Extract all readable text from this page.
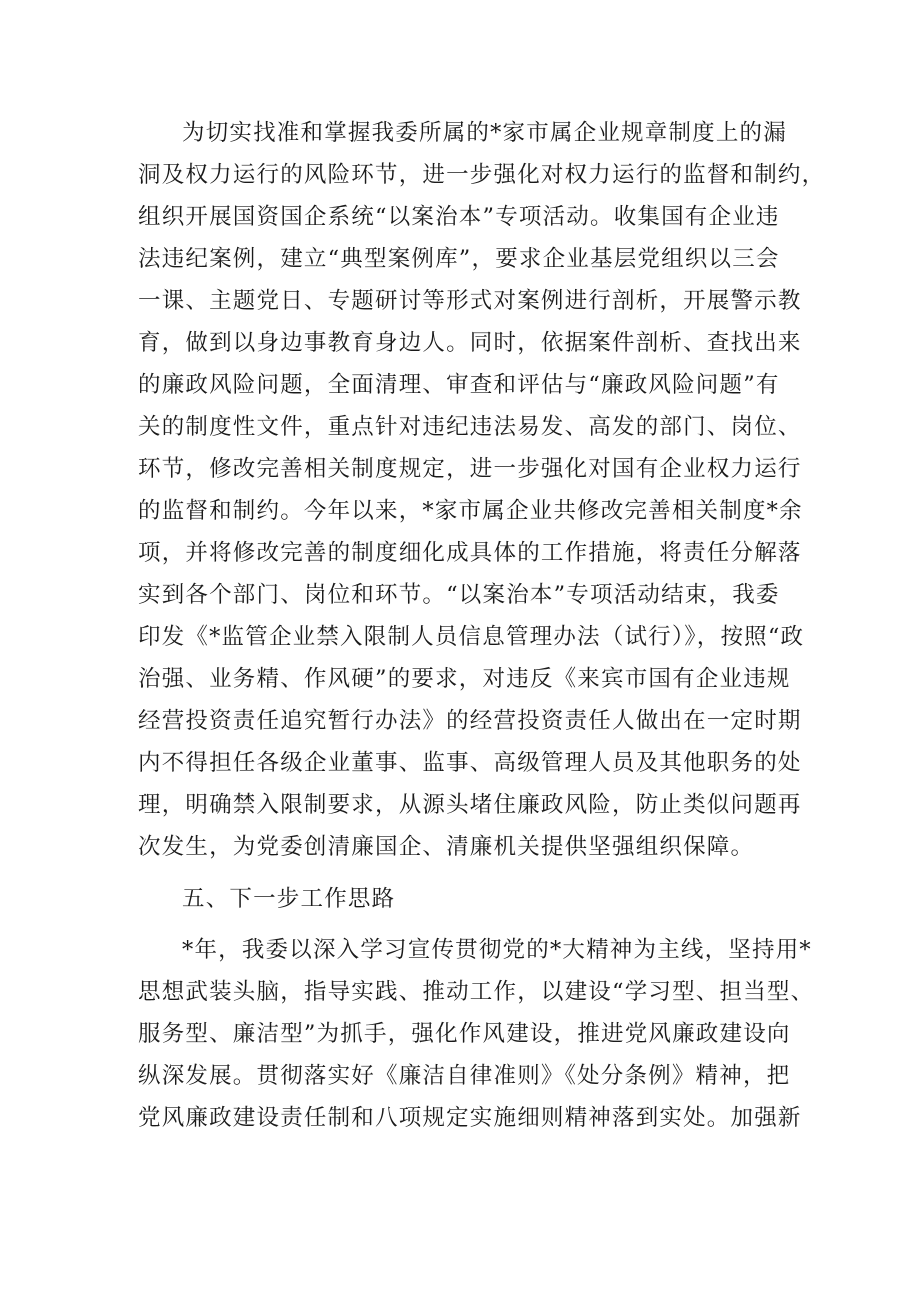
为切实找准和掌握我委所属的*家市属企业规章制度上的漏
洞及权力运行的风险环节，进一步强化对权力运行的监督和制约，
组织开展国资国企系统“以案治本”专项活动。收集国有企业违
法违纪案例，建立“典型案例库”，要求企业基层党组织以三会
一课、主题党日、专题研讨等形式对案例进行剖析，开展警示教
育，做到以身边事教育身边人。同时，依据案件剖析、查找出来
的廉政风险问题，全面清理、审查和评估与“廉政风险问题”有
关的制度性文件，重点针对违纪违法易发、高发的部门、岗位、
环节，修改完善相关制度规定，进一步强化对国有企业权力运行
的监督和制约。今年以来，*家市属企业共修改完善相关制度*余
项，并将修改完善的制度细化成具体的工作措施，将责任分解落
实到各个部门、岗位和环节。“以案治本”专项活动结束，我委
印发《*监管企业禁入限制人员信息管理办法（试行）》，按照“政
治强、业务精、作风硬”的要求，对违反《来宾市国有企业违规
经营投资责任追究暂行办法》的经营投资责任人做出在一定时期
内不得担任各级企业董事、监事、高级管理人员及其他职务的处
理，明确禁入限制要求，从源头堵住廉政风险，防止类似问题再
次发生，为党委创清廉国企、清廉机关提供坚强组织保障。
五、下一步工作思路
*年，我委以深入学习宣传贯彻党的*大精神为主线，坚持用*
思想武装头脑，指导实践、推动工作，以建设“学习型、担当型、
服务型、廉洁型”为抓手，强化作风建设，推进党风廉政建设向
纵深发展。贯彻落实好《廉洁自律准则》《处分条例》精神，把
党风廉政建设责任制和八项规定实施细则精神落到实处。加强新
